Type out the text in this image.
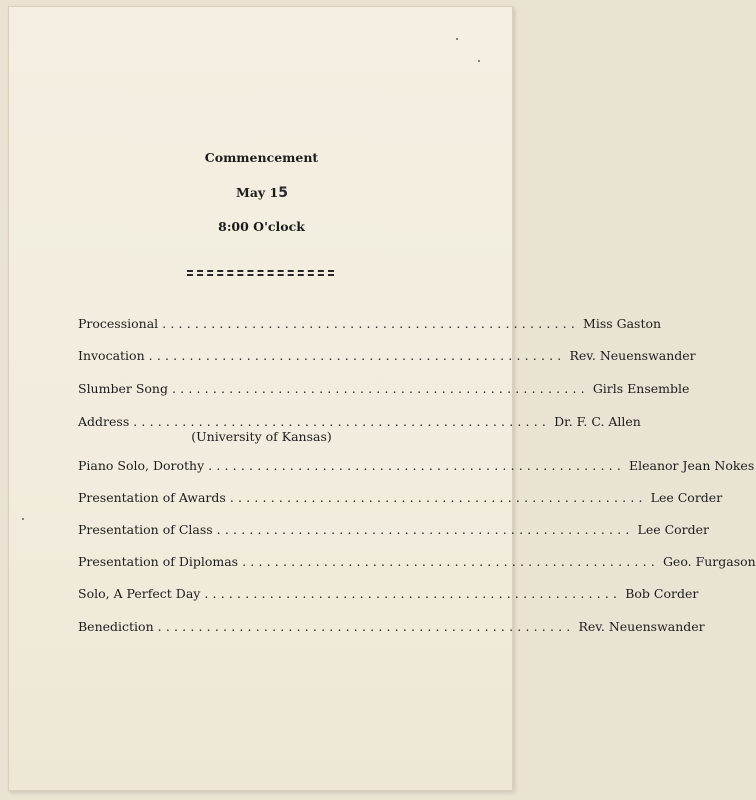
Commencement
May 15
8:00 O'clock
Processional ................................................... Miss Gaston
Invocation ................................................... Rev. Neuenswander
Slumber Song ................................................... Girls Ensemble
Address ................................................... Dr. F. C. Allen
(University of Kansas)
Piano Solo, Dorothy ................................................... Eleanor Jean Nokes
Presentation of Awards ................................................... Lee Corder
Presentation of Class ................................................... Lee Corder
Presentation of Diplomas ................................................... Geo. Furgason
Solo, A Perfect Day ................................................... Bob Corder
Benediction ................................................... Rev. Neuenswander
